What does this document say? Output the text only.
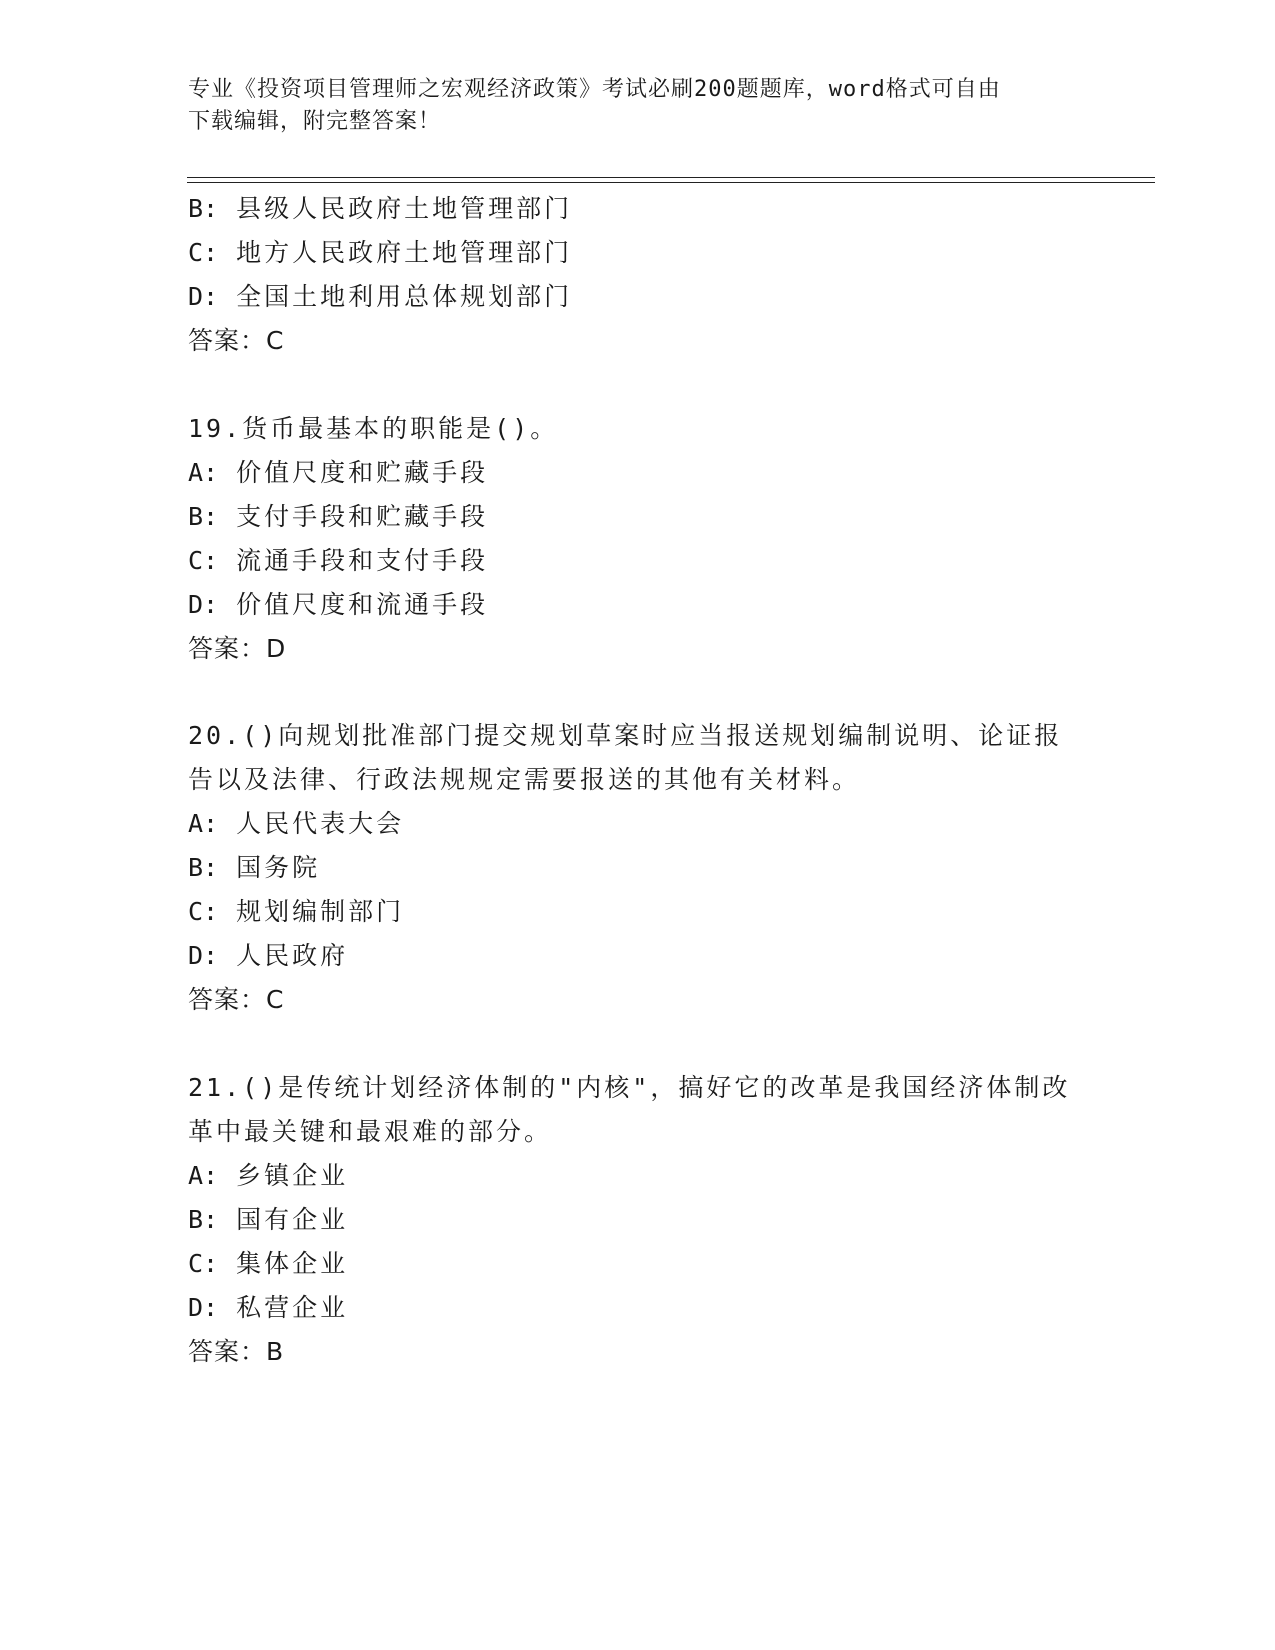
专业《投资项目管理师之宏观经济政策》考试必刷200题题库，word格式可自由
下载编辑，附完整答案！
B: 县级人民政府土地管理部门
C: 地方人民政府土地管理部门
D: 全国土地利用总体规划部门
答案：C
19.货币最基本的职能是()。
A: 价值尺度和贮藏手段
B: 支付手段和贮藏手段
C: 流通手段和支付手段
D: 价值尺度和流通手段
答案：D
20.()向规划批准部门提交规划草案时应当报送规划编制说明、论证报
告以及法律、行政法规规定需要报送的其他有关材料。
A: 人民代表大会
B: 国务院
C: 规划编制部门
D: 人民政府
答案：C
21.()是传统计划经济体制的"内核"，搞好它的改革是我国经济体制改
革中最关键和最艰难的部分。
A: 乡镇企业
B: 国有企业
C: 集体企业
D: 私营企业
答案：B
